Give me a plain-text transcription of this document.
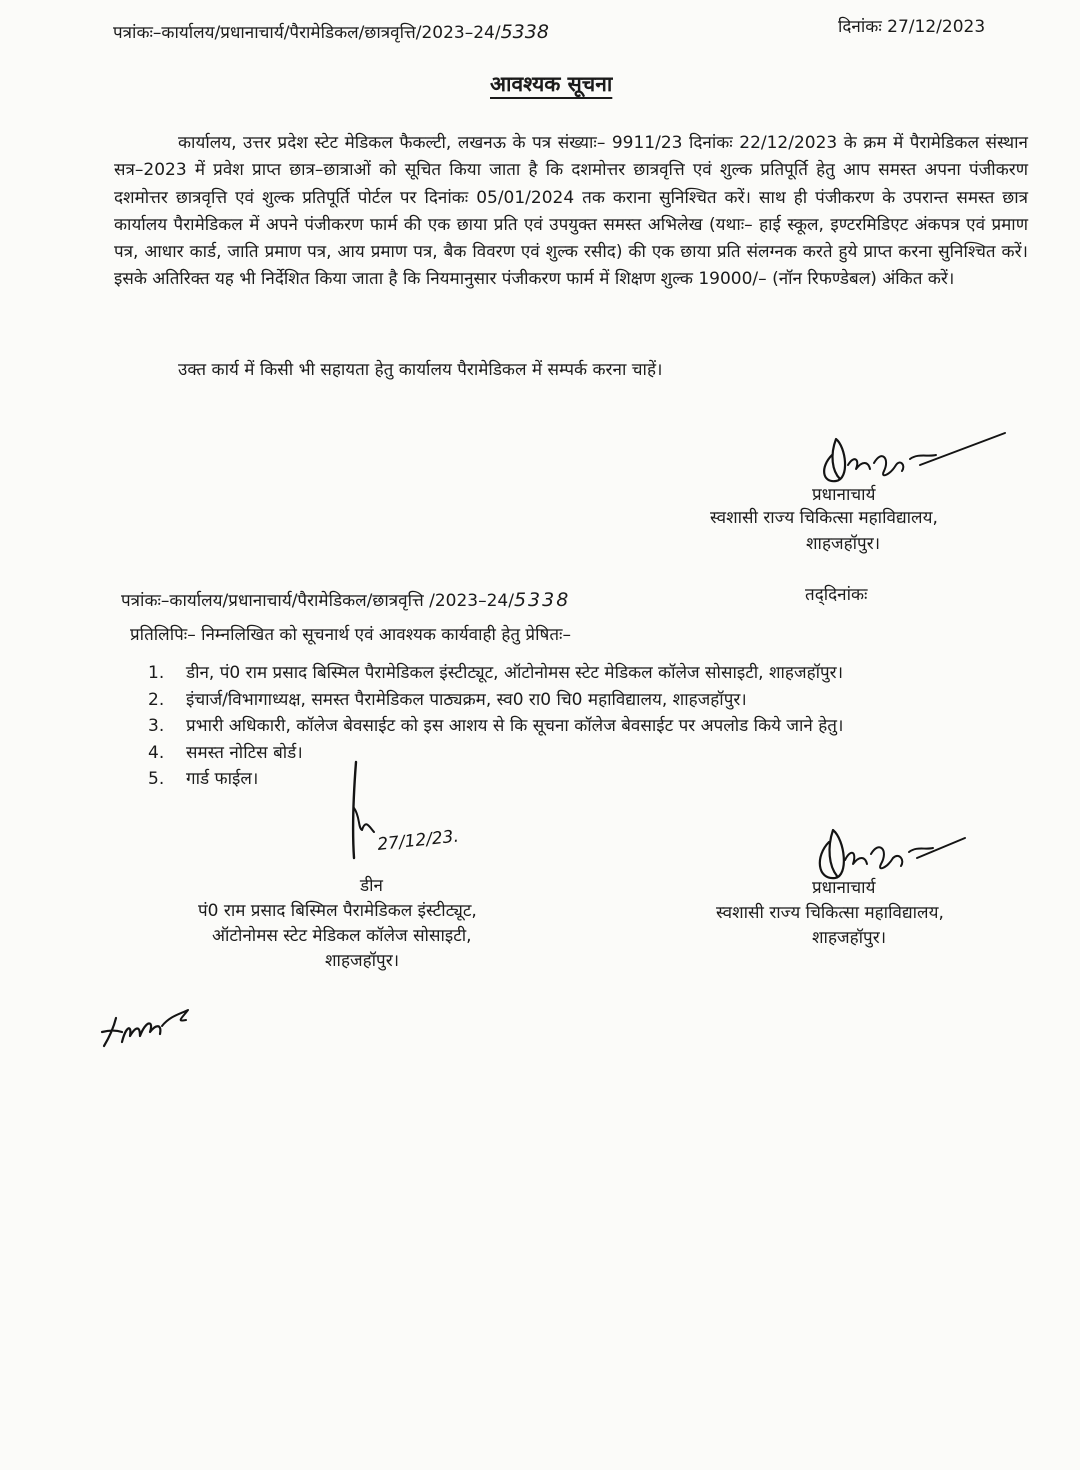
पत्रांकः–कार्यालय/प्रधानाचार्य/पैरामेडिकल/छात्रवृत्ति/2023–24/5338	दिनांकः 27/12/2023
आवश्यक सूचना

कार्यालय, उत्तर प्रदेश स्टेट मेडिकल फैकल्टी, लखनऊ के पत्र संख्याः– 9911/23 दिनांकः 22/12/2023 के क्रम में पैरामेडिकल संस्थान सत्र–2023 में प्रवेश प्राप्त छात्र–छात्राओं को सूचित किया जाता है कि दशमोत्तर छात्रवृत्ति एवं शुल्क प्रतिपूर्ति हेतु आप समस्त अपना पंजीकरण दशमोत्तर छात्रवृत्ति एवं शुल्क प्रतिपूर्ति पोर्टल पर दिनांकः 05/01/2024 तक कराना सुनिश्चित करें। साथ ही पंजीकरण के उपरान्त समस्त छात्र कार्यालय पैरामेडिकल में अपने पंजीकरण फार्म की एक छाया प्रति एवं उपयुक्त समस्त अभिलेख (यथाः– हाई स्कूल, इण्टरमिडिएट अंकपत्र एवं प्रमाण पत्र, आधार कार्ड, जाति प्रमाण पत्र, आय प्रमाण पत्र, बैक विवरण एवं शुल्क रसीद) की एक छाया प्रति संलग्नक करते हुये प्राप्त करना सुनिश्चित करें। इसके अतिरिक्त यह भी निर्देशित किया जाता है कि नियमानुसार पंजीकरण फार्म में शिक्षण शुल्क 19000/– (नॉन रिफण्डेबल) अंकित करें।

उक्त कार्य में किसी भी सहायता हेतु कार्यालय पैरामेडिकल में सम्पर्क करना चाहें।
प्रधानाचार्य
स्वशासी राज्य चिकित्सा महाविद्यालय,
शाहजहॉपुर।
पत्रांकः–कार्यालय/प्रधानाचार्य/पैरामेडिकल/छात्रवृत्ति /2023–24/5338	तद्‌दिनांकः
प्रतिलिपिः– निम्नलिखित को सूचनार्थ एवं आवश्यक कार्यवाही हेतु प्रेषितः–
1.	डीन, पं0 राम प्रसाद बिस्मिल पैरामेडिकल इंस्टीट्यूट, ऑटोनोमस स्टेट मेडिकल कॉलेज सोसाइटी, शाहजहॉपुर।
2.	इंचार्ज/विभागाध्यक्ष, समस्त पैरामेडिकल पाठ्यक्रम, स्व0 रा0 चि0 महाविद्यालय, शाहजहॉपुर।
3.	प्रभारी अधिकारी, कॉलेज बेवसाईट को इस आशय से कि सूचना कॉलेज बेवसाईट पर अपलोड किये जाने हेतु।
4.	समस्त नोटिस बोर्ड।
5.	गार्ड फाईल।
27/12/23.
डीन
पं0 राम प्रसाद बिस्मिल पैरामेडिकल इंस्टीट्यूट,
ऑटोनोमस स्टेट मेडिकल कॉलेज सोसाइटी,
शाहजहॉपुर।
प्रधानाचार्य
स्वशासी राज्य चिकित्सा महाविद्यालय,
शाहजहॉपुर।
